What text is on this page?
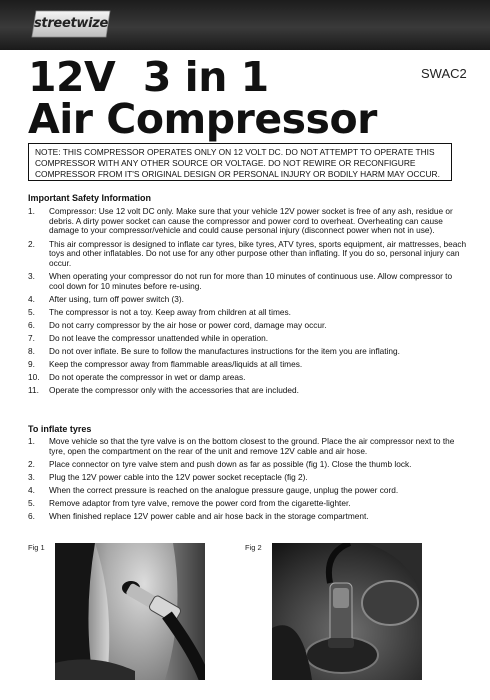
streetwize
12V  3 in 1
Air Compressor
SWAC2
NOTE: THIS COMPRESSOR OPERATES ONLY ON 12 VOLT DC. DO NOT ATTEMPT TO OPERATE THIS COMPRESSOR WITH ANY OTHER SOURCE OR VOLTAGE. DO NOT REWIRE OR RECONFIGURE COMPRESSOR FROM IT'S ORIGINAL DESIGN OR PERSONAL INJURY OR BODILY HARM MAY OCCUR.
Important Safety Information
1. Compressor: Use 12 volt DC only. Make sure that your vehicle 12V power socket is free of any ash, residue or debris. A dirty power socket can cause the compressor and power cord to overheat. Overheating can cause damage to your compressor/vehicle and could cause personal injury (disconnect power when not in use).
2. This air compressor is designed to inflate car tyres, bike tyres, ATV tyres, sports equipment, air mattresses, beach toys and other inflatables. Do not use for any other purpose other than inflating. If you do so, personal injury can occur.
3. When operating your compressor do not run for more than 10 minutes of continuous use. Allow compressor to cool down for 10 minutes before re-using.
4. After using, turn off power switch (3).
5. The compressor is not a toy. Keep away from children at all times.
6. Do not carry compressor by the air hose or power cord, damage may occur.
7. Do not leave the compressor unattended while in operation.
8. Do not over inflate. Be sure to follow the manufactures instructions for the item you are inflating.
9. Keep the compressor away from flammable areas/liquids at all times.
10. Do not operate the compressor in wet or damp areas.
11. Operate the compressor only with the accessories that are included.
To inflate tyres
1. Move vehicle so that the tyre valve is on the bottom closest to the ground. Place the air compressor next to the tyre, open the compartment on the rear of the unit and remove 12V cable and air hose.
2. Place connector on tyre valve stem and push down as far as possible (fig 1). Close the thumb lock.
3. Plug the 12V power cable into the 12V power socket receptacle (fig 2).
4. When the correct pressure is reached on the analogue pressure gauge, unplug the power cord.
5. Remove adaptor from tyre valve, remove the power cord from the cigarette-lighter.
6. When finished replace 12V power cable and air hose back in the storage compartment.
Fig 1	Fig 2
